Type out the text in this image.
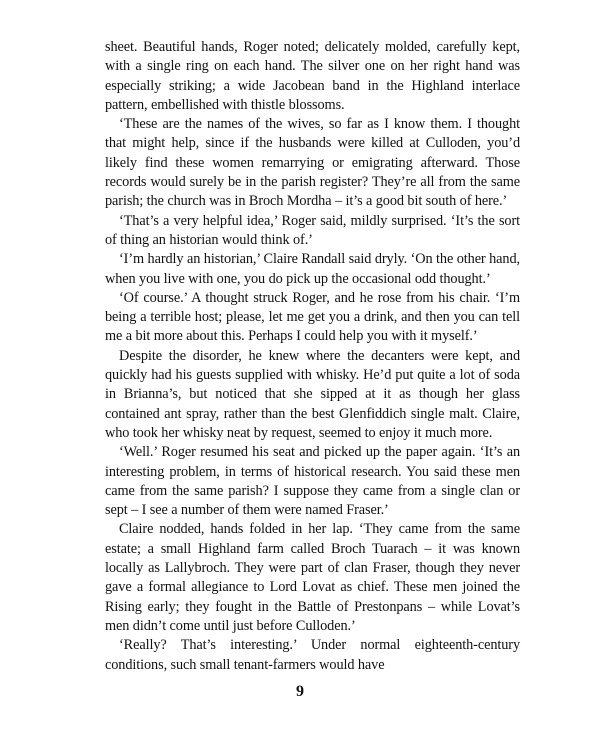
sheet. Beautiful hands, Roger noted; delicately molded, carefully kept, with a single ring on each hand. The silver one on her right hand was especially striking; a wide Jacobean band in the Highland interlace pattern, embellished with thistle blossoms.

‘These are the names of the wives, so far as I know them. I thought that might help, since if the husbands were killed at Culloden, you’d likely find these women remarrying or emigrating afterward. Those records would surely be in the parish register? They’re all from the same parish; the church was in Broch Mordha – it’s a good bit south of here.’

‘That’s a very helpful idea,’ Roger said, mildly surprised. ‘It’s the sort of thing an historian would think of.’

‘I’m hardly an historian,’ Claire Randall said dryly. ‘On the other hand, when you live with one, you do pick up the occasional odd thought.’

‘Of course.’ A thought struck Roger, and he rose from his chair. ‘I’m being a terrible host; please, let me get you a drink, and then you can tell me a bit more about this. Perhaps I could help you with it myself.’

Despite the disorder, he knew where the decanters were kept, and quickly had his guests supplied with whisky. He’d put quite a lot of soda in Brianna’s, but noticed that she sipped at it as though her glass contained ant spray, rather than the best Glenfiddich single malt. Claire, who took her whisky neat by request, seemed to enjoy it much more.

‘Well.’ Roger resumed his seat and picked up the paper again. ‘It’s an interesting problem, in terms of historical research. You said these men came from the same parish? I suppose they came from a single clan or sept – I see a number of them were named Fraser.’

Claire nodded, hands folded in her lap. ‘They came from the same estate; a small Highland farm called Broch Tuarach – it was known locally as Lallybroch. They were part of clan Fraser, though they never gave a formal allegiance to Lord Lovat as chief. These men joined the Rising early; they fought in the Battle of Prestonpans – while Lovat’s men didn’t come until just before Culloden.’

‘Really? That’s interesting.’ Under normal eighteenth-century conditions, such small tenant-farmers would have

9
